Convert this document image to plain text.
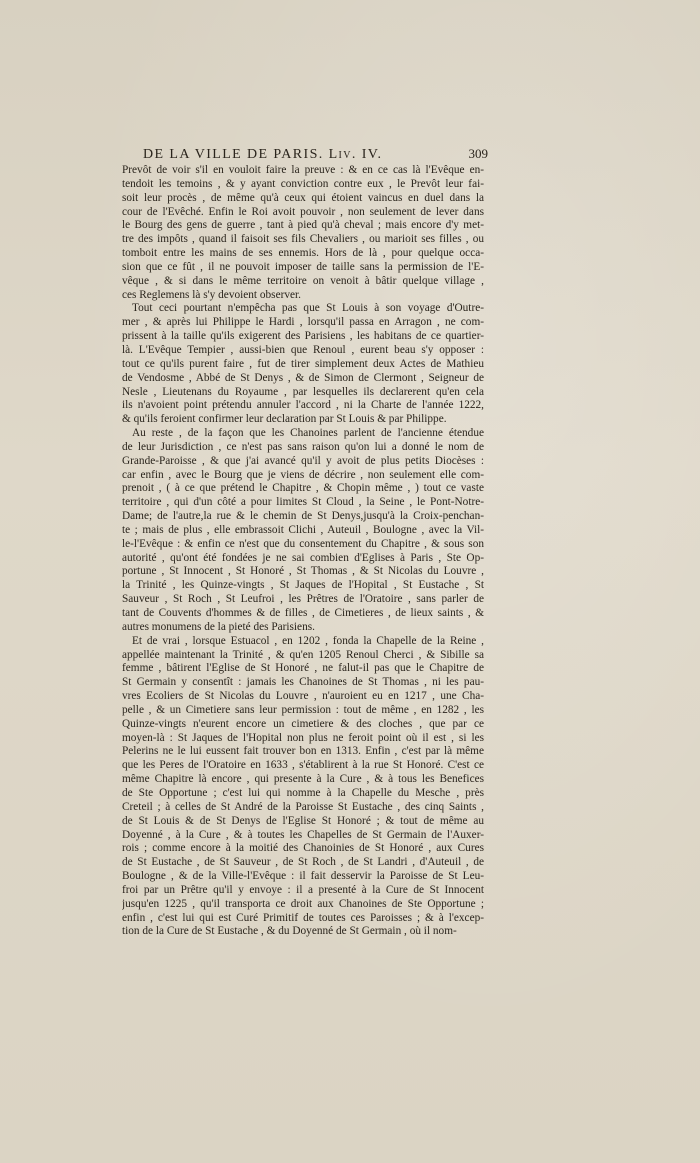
DE LA VILLE DE PARIS. Liv. IV.	309
Prevôt de voir s'il en vouloit faire la preuve : & en ce cas là l'Evêque en-
tendoit les temoins , & y ayant conviction contre eux , le Prevôt leur fai-
soit leur procès , de même qu'à ceux qui étoient vaincus en duel dans la
cour de l'Evêché. Enfin le Roi avoit pouvoir , non seulement de lever dans
le Bourg des gens de guerre , tant à pied qu'à cheval ; mais encore d'y met-
tre des impôts , quand il faisoit ses fils Chevaliers , ou marioit ses filles , ou
tomboit entre les mains de ses ennemis. Hors de là , pour quelque occa-
sion que ce fût , il ne pouvoit imposer de taille sans la permission de l'E-
vêque , & si dans le même territoire on venoit à bâtir quelque village ,
ces Reglemens là s'y devoient observer.
Tout ceci pourtant n'empêcha pas que St Louis à son voyage d'Outre-
mer , & après lui Philippe le Hardi , lorsqu'il passa en Arragon , ne com-
prissent à la taille qu'ils exigerent des Parisiens , les habitans de ce quartier-
là. L'Evêque Tempier , aussi-bien que Renoul , eurent beau s'y opposer :
tout ce qu'ils purent faire , fut de tirer simplement deux Actes de Mathieu
de Vendosme , Abbé de St Denys , & de Simon de Clermont , Seigneur de
Nesle , Lieutenans du Royaume , par lesquelles ils declarerent qu'en cela
ils n'avoient point prétendu annuler l'accord , ni la Charte de l'année 1222,
& qu'ils feroient confirmer leur declaration par St Louis & par Philippe.
Au reste , de la façon que les Chanoines parlent de l'ancienne étendue
de leur Jurisdiction , ce n'est pas sans raison qu'on lui a donné le nom de
Grande-Paroisse , & que j'ai avancé qu'il y avoit de plus petits Diocèses :
car enfin , avec le Bourg que je viens de décrire , non seulement elle com-
prenoit , ( à ce que prétend le Chapitre , & Chopin même , ) tout ce vaste
territoire , qui d'un côté a pour limites St Cloud , la Seine , le Pont-Notre-
Dame; de l'autre,la rue & le chemin de St Denys,jusqu'à la Croix-penchan-
te ; mais de plus , elle embrassoit Clichi , Auteuil , Boulogne , avec la Vil-
le-l'Evêque : & enfin ce n'est que du consentement du Chapitre , & sous son
autorité , qu'ont été fondées je ne sai combien d'Eglises à Paris , Ste Op-
portune , St Innocent , St Honoré , St Thomas , & St Nicolas du Louvre ,
la Trinité , les Quinze-vingts , St Jaques de l'Hopital , St Eustache , St
Sauveur , St Roch , St Leufroi , les Prêtres de l'Oratoire , sans parler de
tant de Couvents d'hommes & de filles , de Cimetieres , de lieux saints , &
autres monumens de la pieté des Parisiens.
Et de vrai , lorsque Estuacol , en 1202 , fonda la Chapelle de la Reine ,
appellée maintenant la Trinité , & qu'en 1205 Renoul Cherci , & Sibille sa
femme , bâtirent l'Eglise de St Honoré , ne falut-il pas que le Chapitre de
St Germain y consentît : jamais les Chanoines de St Thomas , ni les pau-
vres Ecoliers de St Nicolas du Louvre , n'auroient eu en 1217 , une Cha-
pelle , & un Cimetiere sans leur permission : tout de même , en 1282 , les
Quinze-vingts n'eurent encore un cimetiere & des cloches , que par ce
moyen-là : St Jaques de l'Hopital non plus ne feroit point où il est , si les
Pelerins ne le lui eussent fait trouver bon en 1313. Enfin , c'est par là même
que les Peres de l'Oratoire en 1633 , s'établirent à la rue St Honoré. C'est ce
même Chapitre là encore , qui presente à la Cure , & à tous les Benefices
de Ste Opportune ; c'est lui qui nomme à la Chapelle du Mesche , près
Creteil ; à celles de St André de la Paroisse St Eustache , des cinq Saints ,
de St Louis & de St Denys de l'Eglise St Honoré ; & tout de même au
Doyenné , à la Cure , & à toutes les Chapelles de St Germain de l'Auxer-
rois ; comme encore à la moitié des Chanoinies de St Honoré , aux Cures
de St Eustache , de St Sauveur , de St Roch , de St Landri , d'Auteuil , de
Boulogne , & de la Ville-l'Evêque : il fait desservir la Paroisse de St Leu-
froi par un Prêtre qu'il y envoye : il a presenté à la Cure de St Innocent
jusqu'en 1225 , qu'il transporta ce droit aux Chanoines de Ste Opportune ;
enfin , c'est lui qui est Curé Primitif de toutes ces Paroisses ; & à l'excep-
tion de la Cure de St Eustache , & du Doyenné de St Germain , où il nom-
